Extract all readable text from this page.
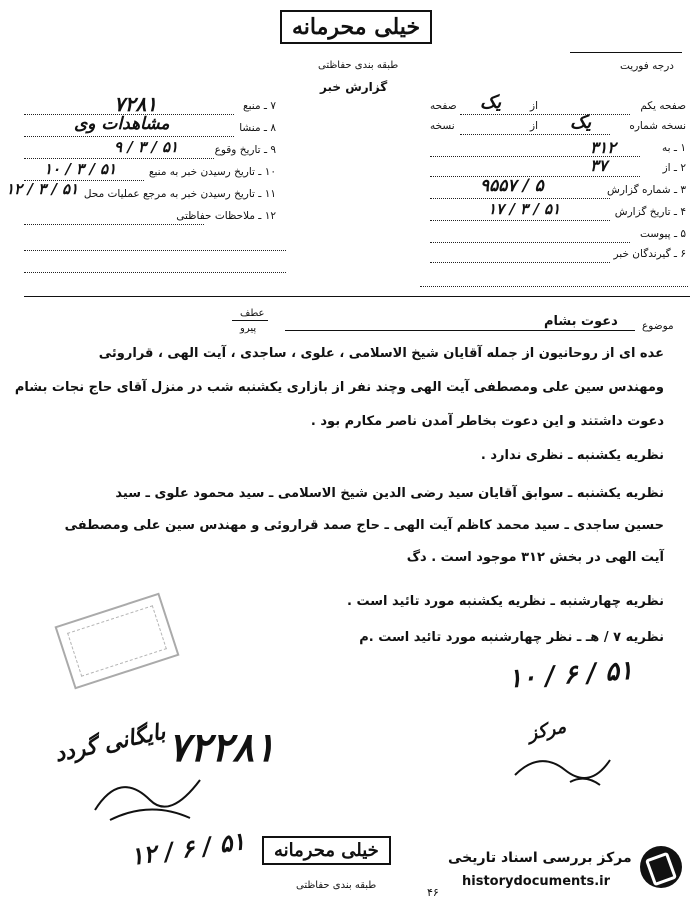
خیلی محرمانه
طبقه بندی حفاظتی
گزارش خبر
درجه فوریت
۷ ـ منبع
۷۲۸۱
۸ ـ منشا
مشاهدات وی
۹ ـ تاریخ وقوع
۹ / ۳ / ۵۱
۱۰ ـ تاریخ رسیدن خبر به منبع
۱۰ / ۳ / ۵۱
۱۱ ـ تاریخ رسیدن خبر به مرجع عملیات محل
۱۲ / ۳ / ۵۱
۱۲ ـ ملاحظات حفاظتی
صفحه یکم
از
صفحه یک
نسخه شماره
از
نسخه	یک
۱ ـ به
۳۱۲
۲ ـ از
۳۷
۳ ـ شماره گزارش
۹۵۵۷ / ۵
۴ ـ تاریخ گزارش
۱۷ / ۳ / ۵۱
۵ ـ پیوست
۶ ـ گیرندگان خبر
عطف
پیرو	موضوع
دعوت بشام
عده ای از روحانیون از جمله آقایان شیخ الاسلامی ، علوی ، ساجدی ، آیت الهی ، قراروئی
ومهندس سین علی ومصطفی آیت الهی وچند نفر از بازاری یکشنبه شب در منزل آقای حاج نجات بشام
دعوت داشتند و این دعوت بخاطر آمدن ناصر مکارم بود .
نظریه یکشنبه ـ نظری ندارد .
نظریه یکشنبه ـ سوابق آقایان سید رضی الدین شیخ الاسلامی ـ سید محمود علوی ـ سید
حسین ساجدی ـ سید محمد کاظم آیت الهی ـ حاج صمد قراروئی و مهندس سین علی ومصطفی
آیت الهی در بخش ۳۱۲ موجود است . دگ
نظریه چهارشنبه ـ نظریه یکشنبه مورد تائید است .
نظریه ۷ / هـ ـ نظر چهارشنبه مورد تائید است .م
۱۰ / ۶ / ۵۱
مرکز
۷۲۲۸۱
بایگانی گردد
۱۲ / ۶ / ۵۱	خیلی محرمانه
طبقه بندی حفاظتی
مرکز بررسی اسناد تاریخی
historydocuments.ir
۴۶
